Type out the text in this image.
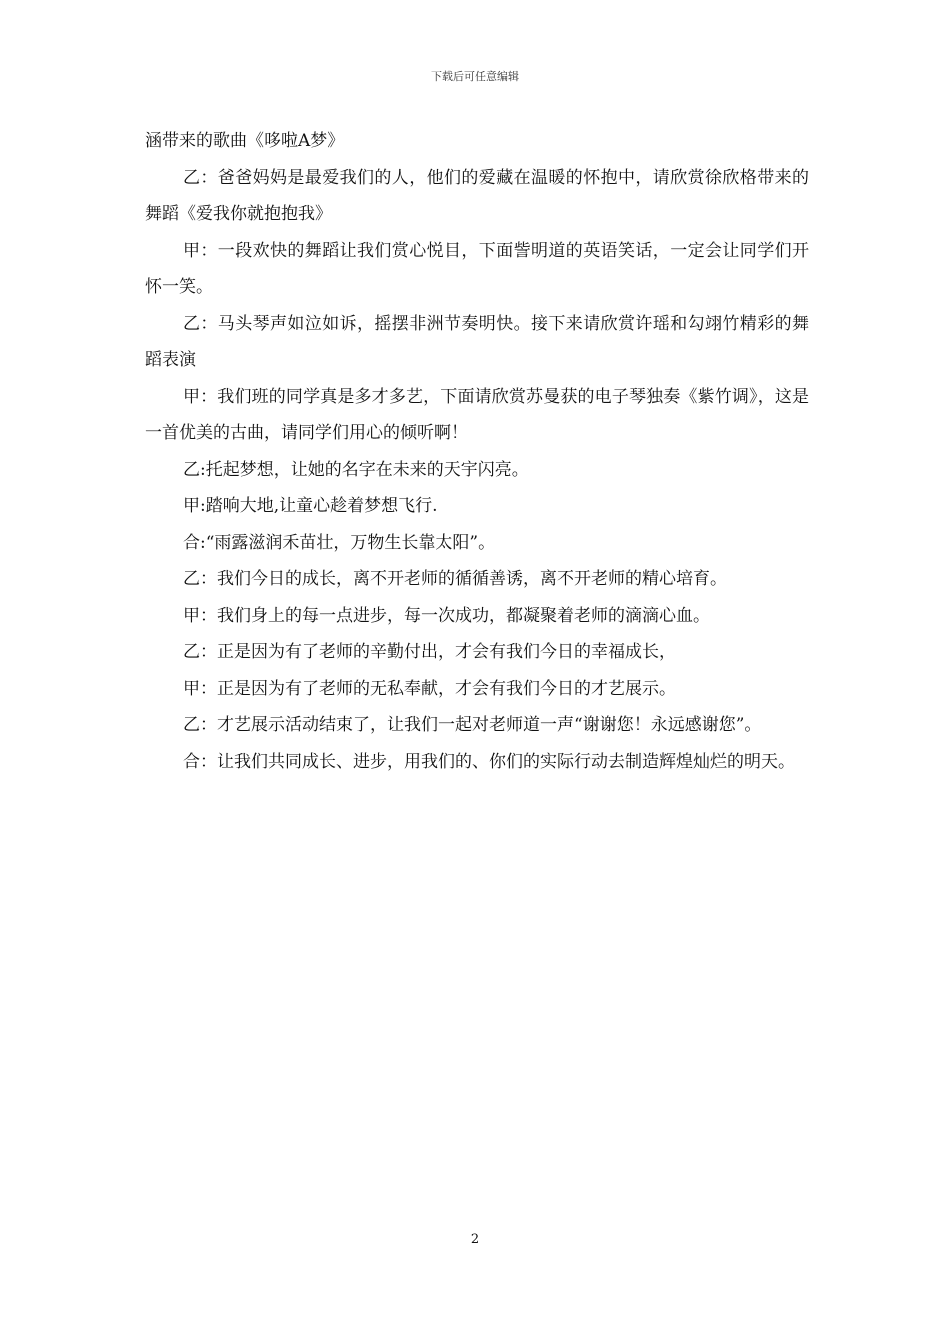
下载后可任意编辑

涵带来的歌曲《哆啦A梦》

乙：爸爸妈妈是最爱我们的人，他们的爱藏在温暖的怀抱中，请欣赏徐欣格带来的舞蹈《爱我你就抱抱我》

甲：一段欢快的舞蹈让我们赏心悦目，下面訾明道的英语笑话，一定会让同学们开怀一笑。

乙：马头琴声如泣如诉，摇摆非洲节奏明快。接下来请欣赏许瑶和勾翊竹精彩的舞蹈表演

甲：我们班的同学真是多才多艺，下面请欣赏苏曼获的电子琴独奏《紫竹调》，这是一首优美的古曲，请同学们用心的倾听啊！

乙:托起梦想，让她的名字在未来的天宇闪亮。

甲:踏响大地,让童心趁着梦想飞行.

合:“雨露滋润禾苗壮，万物生长靠太阳”。

乙：我们今日的成长，离不开老师的循循善诱，离不开老师的精心培育。

甲：我们身上的每一点进步，每一次成功，都凝聚着老师的滴滴心血。

乙：正是因为有了老师的辛勤付出，才会有我们今日的幸福成长，

甲：正是因为有了老师的无私奉献，才会有我们今日的才艺展示。

乙：才艺展示活动结束了，让我们一起对老师道一声“谢谢您！永远感谢您”。

合：让我们共同成长、进步，用我们的、你们的实际行动去制造辉煌灿烂的明天。

2
